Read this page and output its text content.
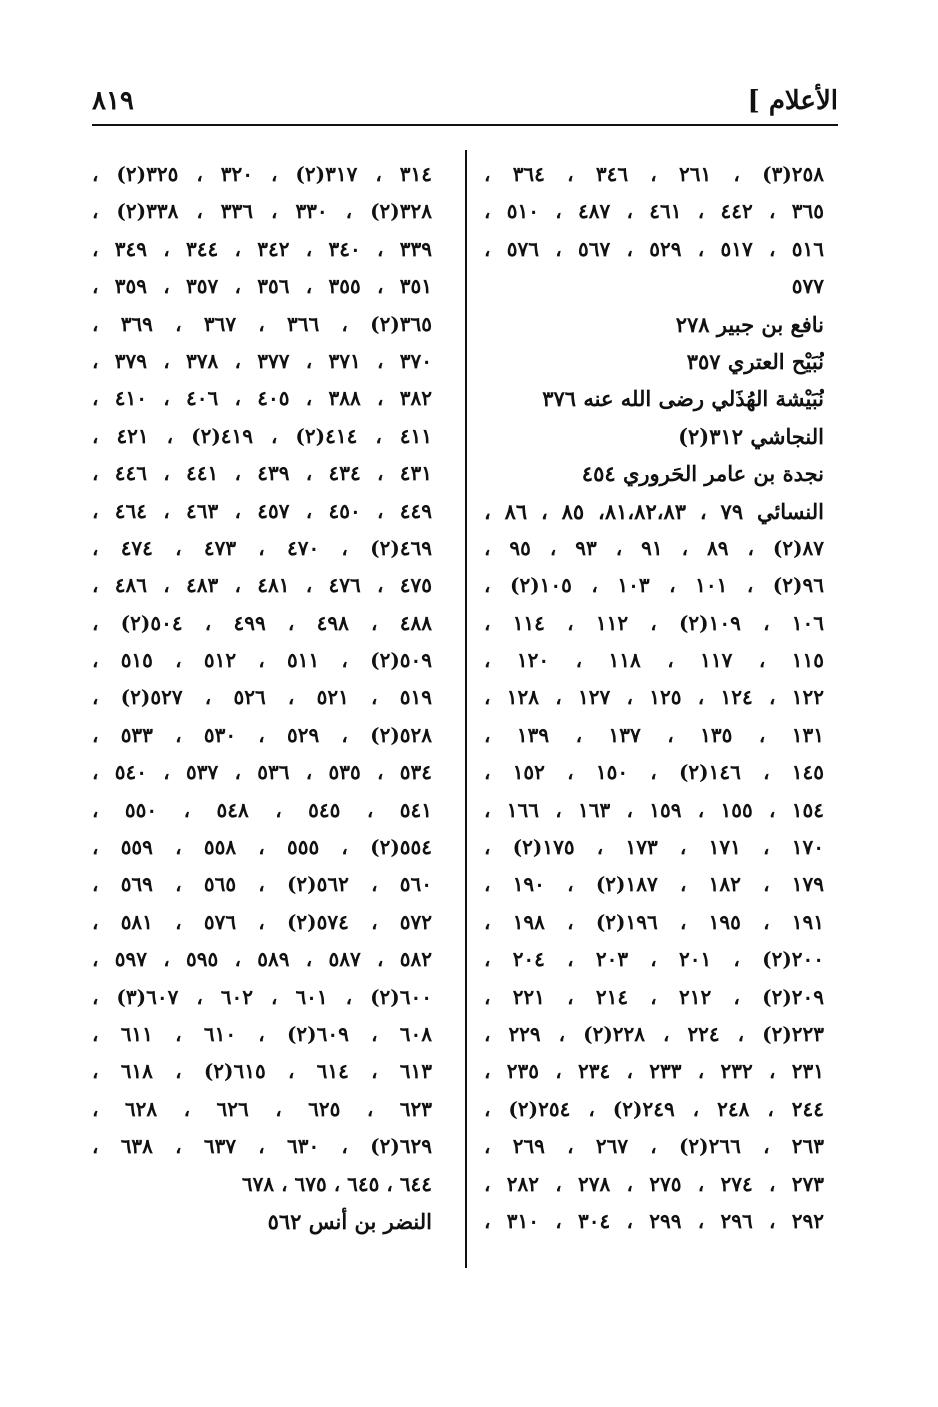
الأعلام ]
٨١٩
٢٥٨(٣) ، ٢٦١ ، ٣٤٦ ، ٣٦٤ ،
٣٦٥ ، ٤٤٢ ، ٤٦١ ، ٤٨٧ ، ٥١٠ ،
٥١٦ ، ٥١٧ ، ٥٢٩ ، ٥٦٧ ، ٥٧٦ ،
٥٧٧
نافع بن جبير ٢٧٨
نُبَيْح العتري ٣٥٧
نُبَيْشة الهُذَلي رضى الله عنه ٣٧٦
النجاشي ٣١٢(٢)
نجدة بن عامر الحَروري ٤٥٤
النسائي ٧٩ ، ٨١،٨٢،٨٣، ٨٥ ، ٨٦ ،
٨٧(٢) ، ٨٩ ، ٩١ ، ٩٣ ، ٩٥ ،
٩٦(٢) ، ١٠١ ، ١٠٣ ، ١٠٥(٢) ،
١٠٦ ، ١٠٩(٢) ، ١١٢ ، ١١٤ ،
١١٥ ، ١١٧ ، ١١٨ ، ١٢٠ ،
١٢٢ ، ١٢٤ ، ١٢٥ ، ١٢٧ ، ١٢٨ ،
١٣١ ، ١٣٥ ، ١٣٧ ، ١٣٩ ،
١٤٥ ، ١٤٦(٢) ، ١٥٠ ، ١٥٢ ،
١٥٤ ، ١٥٥ ، ١٥٩ ، ١٦٣ ، ١٦٦ ،
١٧٠ ، ١٧١ ، ١٧٣ ، ١٧٥(٢) ،
١٧٩ ، ١٨٢ ، ١٨٧(٢) ، ١٩٠ ،
١٩١ ، ١٩٥ ، ١٩٦(٢) ، ١٩٨ ،
٢٠٠(٢) ، ٢٠١ ، ٢٠٣ ، ٢٠٤ ،
٢٠٩(٢) ، ٢١٢ ، ٢١٤ ، ٢٢١ ،
٢٢٣(٢) ، ٢٢٤ ، ٢٢٨(٢) ، ٢٢٩ ،
٢٣١ ، ٢٣٢ ، ٢٣٣ ، ٢٣٤ ، ٢٣٥ ،
٢٤٤ ، ٢٤٨ ، ٢٤٩(٢) ، ٢٥٤(٢) ،
٢٦٣ ، ٢٦٦(٢) ، ٢٦٧ ، ٢٦٩ ،
٢٧٣ ، ٢٧٤ ، ٢٧٥ ، ٢٧٨ ، ٢٨٢ ،
٢٩٢ ، ٢٩٦ ، ٢٩٩ ، ٣٠٤ ، ٣١٠ ،
٣١٤ ، ٣١٧(٢) ، ٣٢٠ ، ٣٢٥(٢) ،
٣٢٨(٢) ، ٣٣٠ ، ٣٣٦ ، ٣٣٨(٢) ،
٣٣٩ ، ٣٤٠ ، ٣٤٢ ، ٣٤٤ ، ٣٤٩ ،
٣٥١ ، ٣٥٥ ، ٣٥٦ ، ٣٥٧ ، ٣٥٩ ،
٣٦٥(٢) ، ٣٦٦ ، ٣٦٧ ، ٣٦٩ ،
٣٧٠ ، ٣٧١ ، ٣٧٧ ، ٣٧٨ ، ٣٧٩ ،
٣٨٢ ، ٣٨٨ ، ٤٠٥ ، ٤٠٦ ، ٤١٠ ،
٤١١ ، ٤١٤(٢) ، ٤١٩(٢) ، ٤٢١ ،
٤٣١ ، ٤٣٤ ، ٤٣٩ ، ٤٤١ ، ٤٤٦ ،
٤٤٩ ، ٤٥٠ ، ٤٥٧ ، ٤٦٣ ، ٤٦٤ ،
٤٦٩(٢) ، ٤٧٠ ، ٤٧٣ ، ٤٧٤ ،
٤٧٥ ، ٤٧٦ ، ٤٨١ ، ٤٨٣ ، ٤٨٦ ،
٤٨٨ ، ٤٩٨ ، ٤٩٩ ، ٥٠٤(٢) ،
٥٠٩(٢) ، ٥١١ ، ٥١٢ ، ٥١٥ ،
٥١٩ ، ٥٢١ ، ٥٢٦ ، ٥٢٧(٢) ،
٥٢٨(٢) ، ٥٢٩ ، ٥٣٠ ، ٥٣٣ ،
٥٣٤ ، ٥٣٥ ، ٥٣٦ ، ٥٣٧ ، ٥٤٠ ،
٥٤١ ، ٥٤٥ ، ٥٤٨ ، ٥٥٠ ،
٥٥٤(٢) ، ٥٥٥ ، ٥٥٨ ، ٥٥٩ ،
٥٦٠ ، ٥٦٢(٢) ، ٥٦٥ ، ٥٦٩ ،
٥٧٢ ، ٥٧٤(٢) ، ٥٧٦ ، ٥٨١ ،
٥٨٢ ، ٥٨٧ ، ٥٨٩ ، ٥٩٥ ، ٥٩٧ ،
٦٠٠(٢) ، ٦٠١ ، ٦٠٢ ، ٦٠٧(٣) ،
٦٠٨ ، ٦٠٩(٢) ، ٦١٠ ، ٦١١ ،
٦١٣ ، ٦١٤ ، ٦١٥(٢) ، ٦١٨ ،
٦٢٣ ، ٦٢٥ ، ٦٢٦ ، ٦٢٨ ،
٦٢٩(٢) ، ٦٣٠ ، ٦٣٧ ، ٦٣٨ ،
٦٤٤ ، ٦٤٥ ، ٦٧٥ ، ٦٧٨
النضر بن أنس ٥٦٢
